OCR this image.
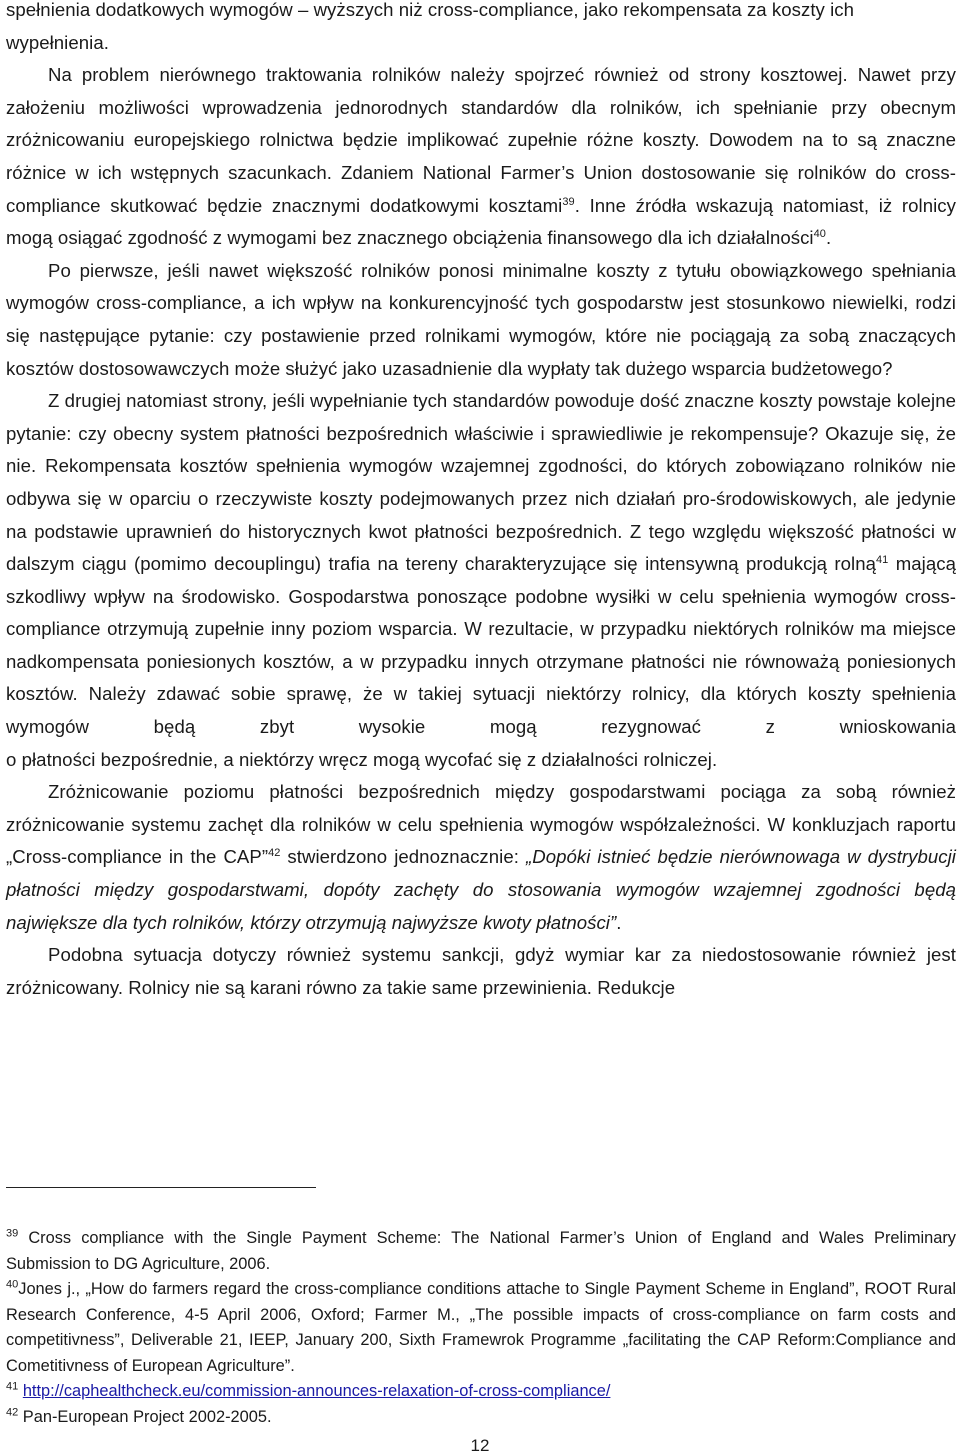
spełnienia dodatkowych wymogów – wyższych niż cross-compliance, jako rekompensata za koszty ich
wypełnienia.

Na problem nierównego traktowania rolników należy spojrzeć również od strony kosztowej. Nawet przy założeniu możliwości wprowadzenia jednorodnych standardów dla rolników, ich spełnianie przy obecnym zróżnicowaniu europejskiego rolnictwa będzie implikować zupełnie różne koszty. Dowodem na to są znaczne różnice w ich wstępnych szacunkach. Zdaniem National Farmer’s Union dostosowanie się rolników do cross-compliance skutkować będzie znacznymi dodatkowymi kosztami$^{39}$. Inne źródła wskazują natomiast, iż rolnicy mogą osiągać zgodność z wymogami bez znacznego obciążenia finansowego dla ich działalności$^{40}$.

Po pierwsze, jeśli nawet większość rolników ponosi minimalne koszty z tytułu obowiązkowego spełniania wymogów cross-compliance, a ich wpływ na konkurencyjność tych gospodarstw jest stosunkowo niewielki, rodzi się następujące pytanie: czy postawienie przed rolnikami wymogów, które nie pociągają za sobą znaczących kosztów dostosowawczych może służyć jako uzasadnienie dla wypłaty tak dużego wsparcia budżetowego?

Z drugiej natomiast strony, jeśli wypełnianie tych standardów powoduje dość znaczne koszty powstaje kolejne pytanie: czy obecny system płatności bezpośrednich właściwie i sprawiedliwie je rekompensuje? Okazuje się, że nie. Rekompensata kosztów spełnienia wymogów wzajemnej zgodności, do których zobowiązano rolników nie odbywa się w oparciu o rzeczywiste koszty podejmowanych przez nich działań pro-środowiskowych, ale jedynie na podstawie uprawnień do historycznych kwot płatności bezpośrednich. Z tego względu większość płatności w dalszym ciągu (pomimo decouplingu) trafia na tereny charakteryzujące się intensywną produkcją rolną$^{41}$ mającą szkodliwy wpływ na środowisko. Gospodarstwa ponoszące podobne wysiłki w celu spełnienia wymogów cross-compliance otrzymują zupełnie inny poziom wsparcia. W rezultacie, w przypadku niektórych rolników ma miejsce nadkompensata poniesionych kosztów, a w przypadku innych otrzymane płatności nie równoważą poniesionych kosztów. Należy zdawać sobie sprawę, że w takiej sytuacji niektórzy rolnicy, dla których koszty spełnienia wymogów będą zbyt wysokie mogą rezygnować z wnioskowania

o płatności bezpośrednie, a niektórzy wręcz mogą wycofać się z działalności rolniczej.

Zróżnicowanie poziomu płatności bezpośrednich między gospodarstwami pociąga za sobą również zróżnicowanie systemu zachęt dla rolników w celu spełnienia wymogów współzależności. W konkluzjach raportu „Cross-compliance in the CAP”$^{42}$ stwierdzono jednoznacznie: „Dopóki istnieć będzie nierównowaga w dystrybucji płatności między gospodarstwami, dopóty zachęty do stosowania wymogów wzajemnej zgodności będą największe dla tych rolników, którzy otrzymują najwyższe kwoty płatności”.

Podobna sytuacja dotyczy również systemu sankcji, gdyż wymiar kar za niedostosowanie również jest zróżnicowany. Rolnicy nie są karani równo za takie same przewinienia. Redukcje

$^{39}$ Cross compliance with the Single Payment Scheme: The National Farmer’s Union of England and Wales Preliminary Submission to DG Agriculture, 2006.

$^{40}$Jones j., „How do farmers regard the cross-compliance conditions attache to Single Payment Scheme in England”, ROOT Rural Research Conference, 4-5 April 2006, Oxford; Farmer M., „The possible impacts of cross-compliance on farm costs and competitivness”, Deliverable 21, IEEP, January 200, Sixth Framewrok Programme „facilitating the CAP Reform:Compliance and Cometitivness of European Agriculture”.

$^{41}$ http://caphealthcheck.eu/commission-announces-relaxation-of-cross-compliance/

$^{42}$ Pan-European Project 2002-2005.

12
